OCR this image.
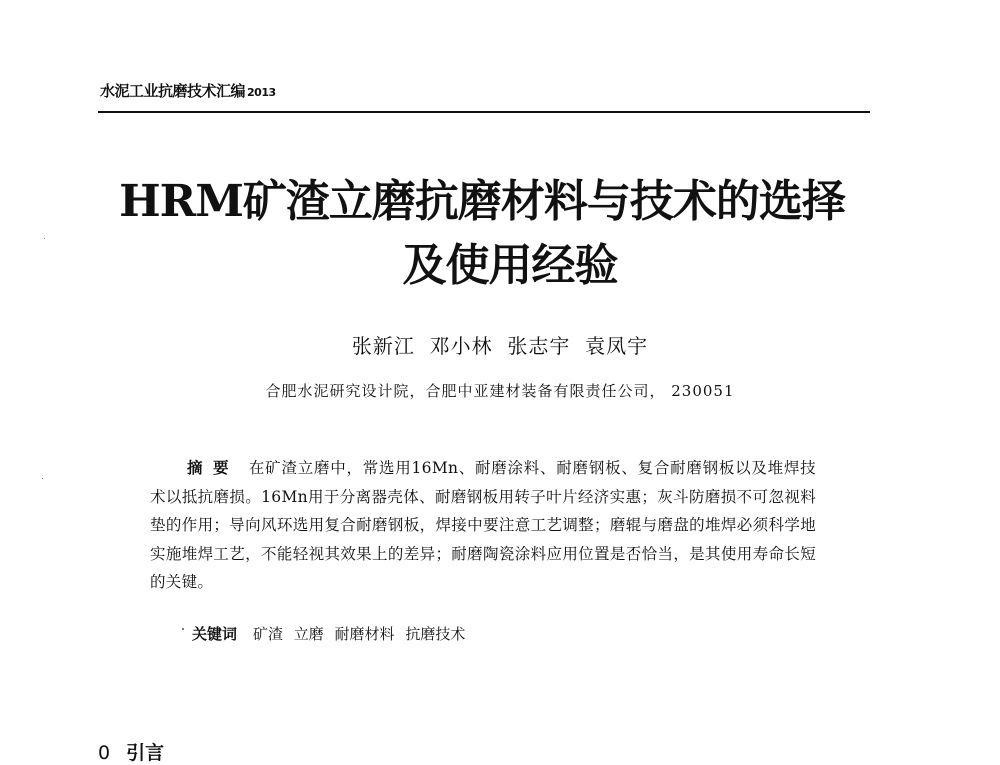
水泥工业抗磨技术汇编 2013
HRM矿渣立磨抗磨材料与技术的选择
及使用经验
张新江  邓小林  张志宇  袁凤宇
合肥水泥研究设计院，合肥中亚建材装备有限责任公司， 230051
摘要 在矿渣立磨中，常选用16Mn、耐磨涂料、耐磨钢板、复合耐磨钢板以及堆焊技术以抵抗磨损。16Mn用于分离器壳体、耐磨钢板用转子叶片经济实惠；灰斗防磨损不可忽视料垫的作用；导向风环选用复合耐磨钢板，焊接中要注意工艺调整；磨辊与磨盘的堆焊必须科学地实施堆焊工艺，不能轻视其效果上的差异；耐磨陶瓷涂料应用位置是否恰当，是其使用寿命长短的关键。
关键词 矿渣 立磨 耐磨材料 抗磨技术
0 引言
